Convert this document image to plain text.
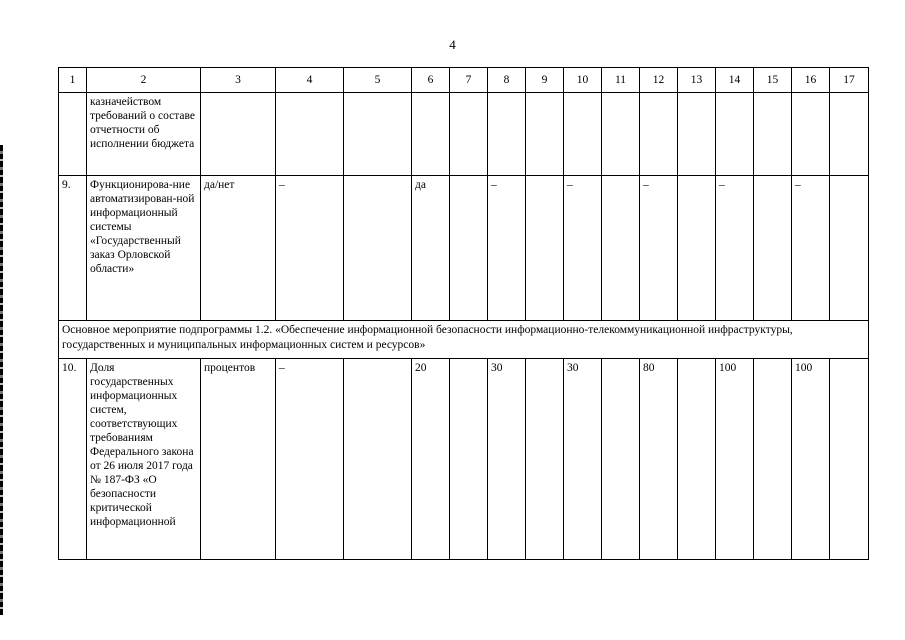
4
1	2	3	4	5	6	7	8	9	10	11	12	13	14	15	16	17
	казначейством требований о составе отчетности об исполнении бюджета															
9.	Функционирова-ние автоматизирован-ной информационный системы «Государственный заказ Орловской области»	да/нет	–		да		–		–		–		–		–	
Основное мероприятие подпрограммы 1.2. «Обеспечение информационной безопасности информационно-телекоммуникационной инфраструктуры, государственных и муниципальных информационных систем и ресурсов»																
10.	Доля государственных информационных систем, соответствующих требованиям Федерального закона от 26 июля 2017 года № 187-ФЗ «О безопасности критической информационной	процентов	–		20		30		30		80		100		100	
